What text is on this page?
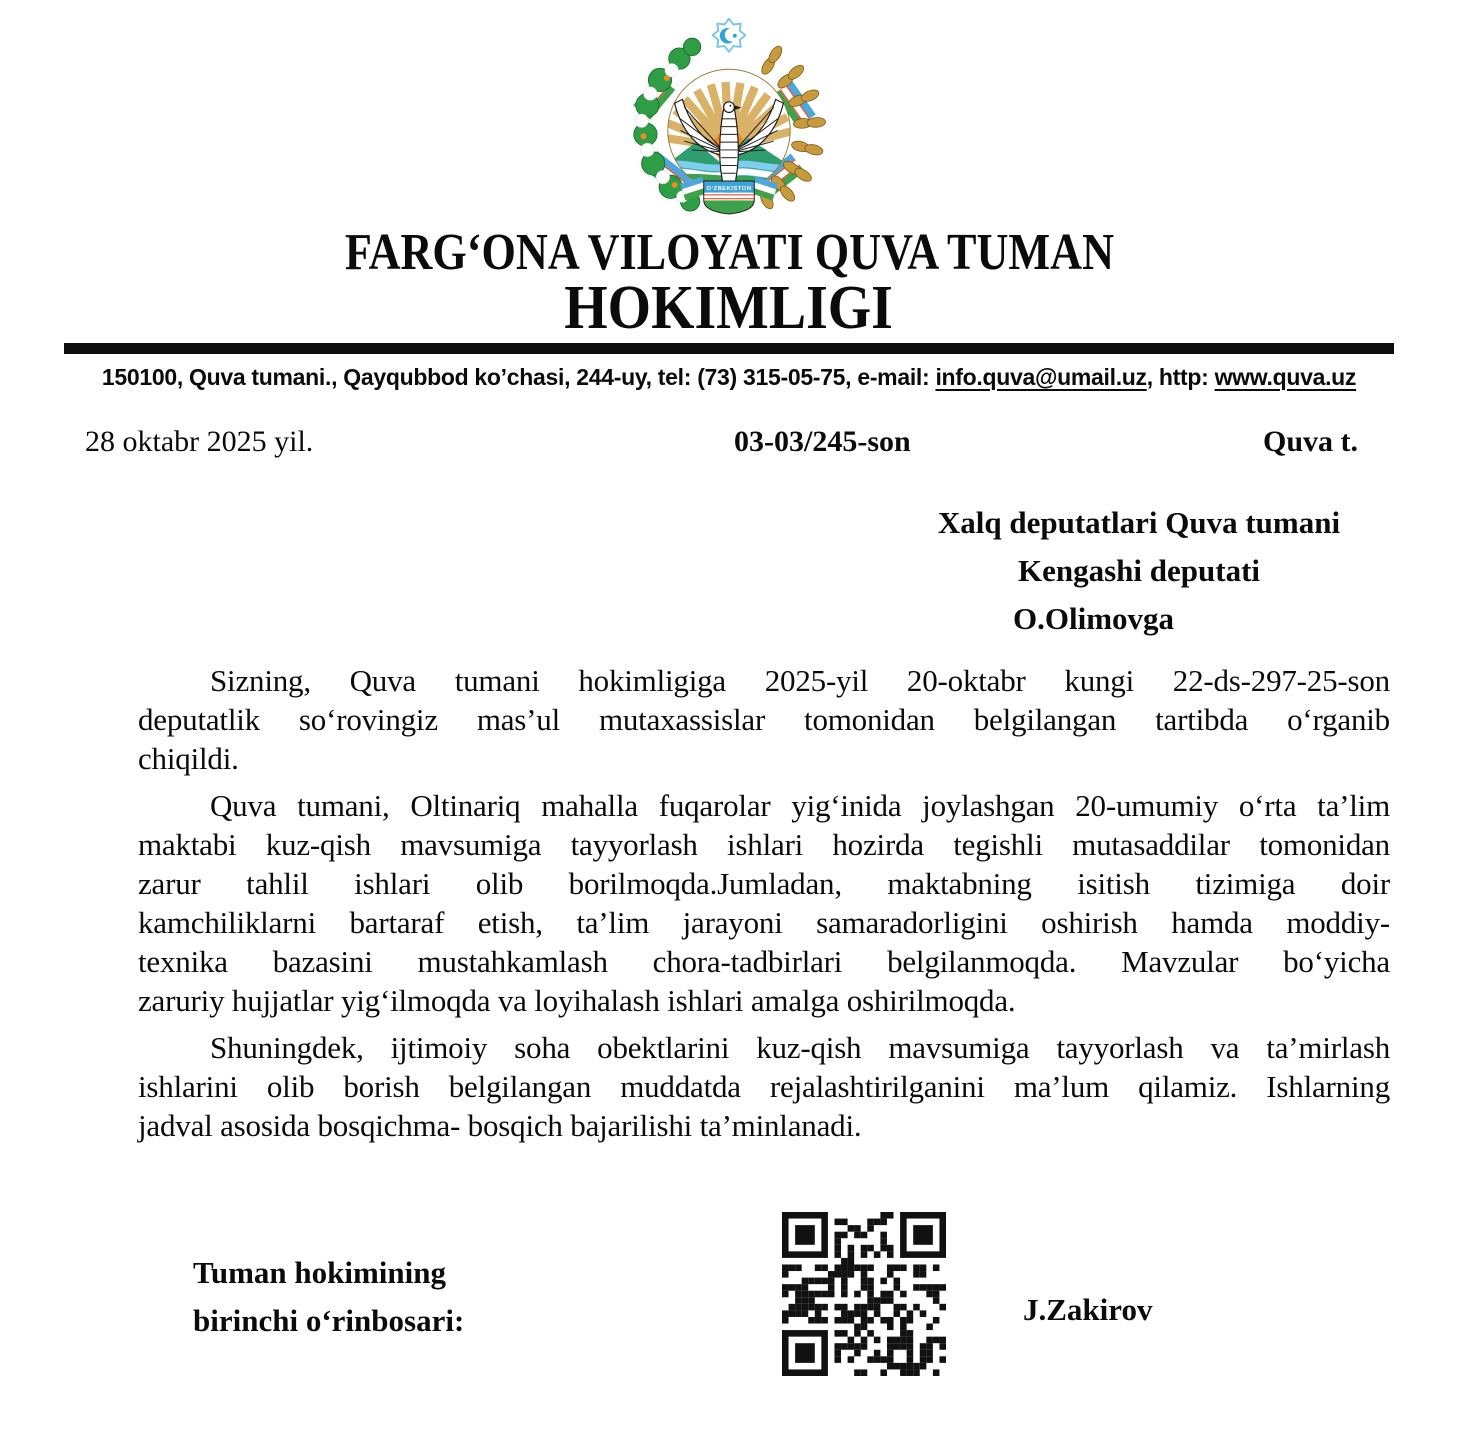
O‘ZBEKISTON
FARG‘ONA VILOYATI QUVA TUMAN
HOKIMLIGI
150100, Quva tumani., Qayqubbod ko’chasi, 244-uy, tel: (73) 315-05-75, e-mail: info.quva@umail.uz, http: www.quva.uz
28 oktabr 2025 yil.	03-03/245-son	Quva t.
Xalq deputatlari Quva tumani
Kengashi deputati
O.Olimovga
Sizning, Quva tumani hokimligiga 2025-yil 20-oktabr kungi 22-ds-297-25-son
deputatlik so‘rovingiz mas’ul mutaxassislar tomonidan belgilangan tartibda o‘rganib
chiqildi.
Quva tumani, Oltinariq mahalla fuqarolar yig‘inida joylashgan 20-umumiy o‘rta ta’lim
maktabi kuz-qish mavsumiga tayyorlash ishlari hozirda tegishli mutasaddilar tomonidan
zarur tahlil ishlari olib borilmoqda.Jumladan, maktabning isitish tizimiga doir
kamchiliklarni bartaraf etish, ta’lim jarayoni samaradorligini oshirish hamda moddiy-
texnika bazasini mustahkamlash chora-tadbirlari belgilanmoqda. Mavzular bo‘yicha
zaruriy hujjatlar yig‘ilmoqda va loyihalash ishlari amalga oshirilmoqda.
Shuningdek, ijtimoiy soha obektlarini kuz-qish mavsumiga tayyorlash va ta’mirlash
ishlarini olib borish belgilangan muddatda rejalashtirilganini ma’lum qilamiz. Ishlarning
jadval asosida bosqichma- bosqich bajarilishi ta’minlanadi.
Tuman hokimining
birinchi o‘rinbosari:	J.Zakirov
